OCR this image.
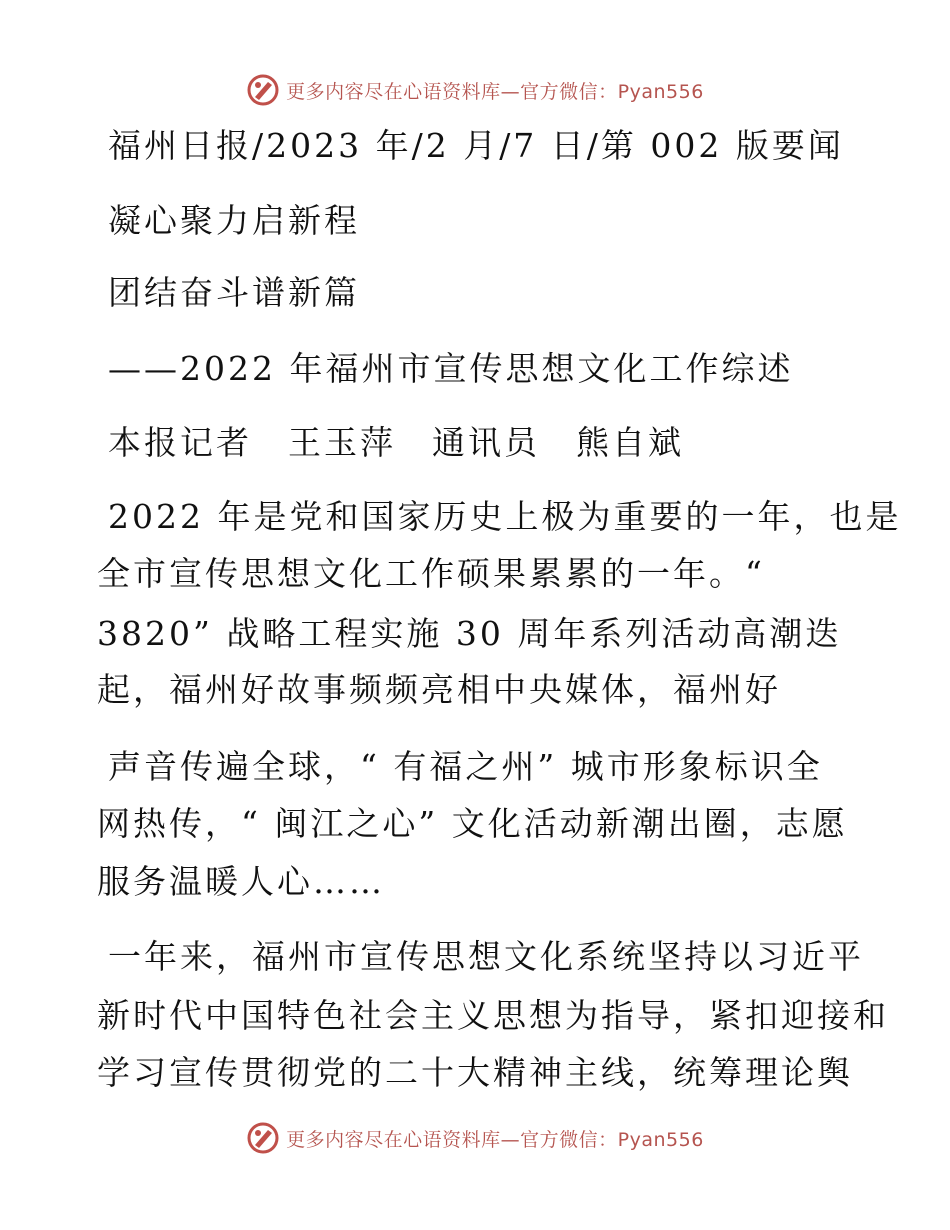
更多内容尽在心语资料库—官方微信：Pyan556
福州日报/2023 年/2 月/7 日/第 002 版要闻
凝心聚力启新程
团结奋斗谱新篇
——2022 年福州市宣传思想文化工作综述
本报记者　王玉萍　通讯员　熊自斌
2022 年是党和国家历史上极为重要的一年，也是
全市宣传思想文化工作硕果累累的一年。“
3820” 战略工程实施 30 周年系列活动高潮迭
起，福州好故事频频亮相中央媒体，福州好
声音传遍全球，“ 有福之州” 城市形象标识全
网热传，“ 闽江之心” 文化活动新潮出圈，志愿
服务温暖人心……
一年来，福州市宣传思想文化系统坚持以习近平
新时代中国特色社会主义思想为指导，紧扣迎接和
学习宣传贯彻党的二十大精神主线，统筹理论舆
更多内容尽在心语资料库—官方微信：Pyan556
